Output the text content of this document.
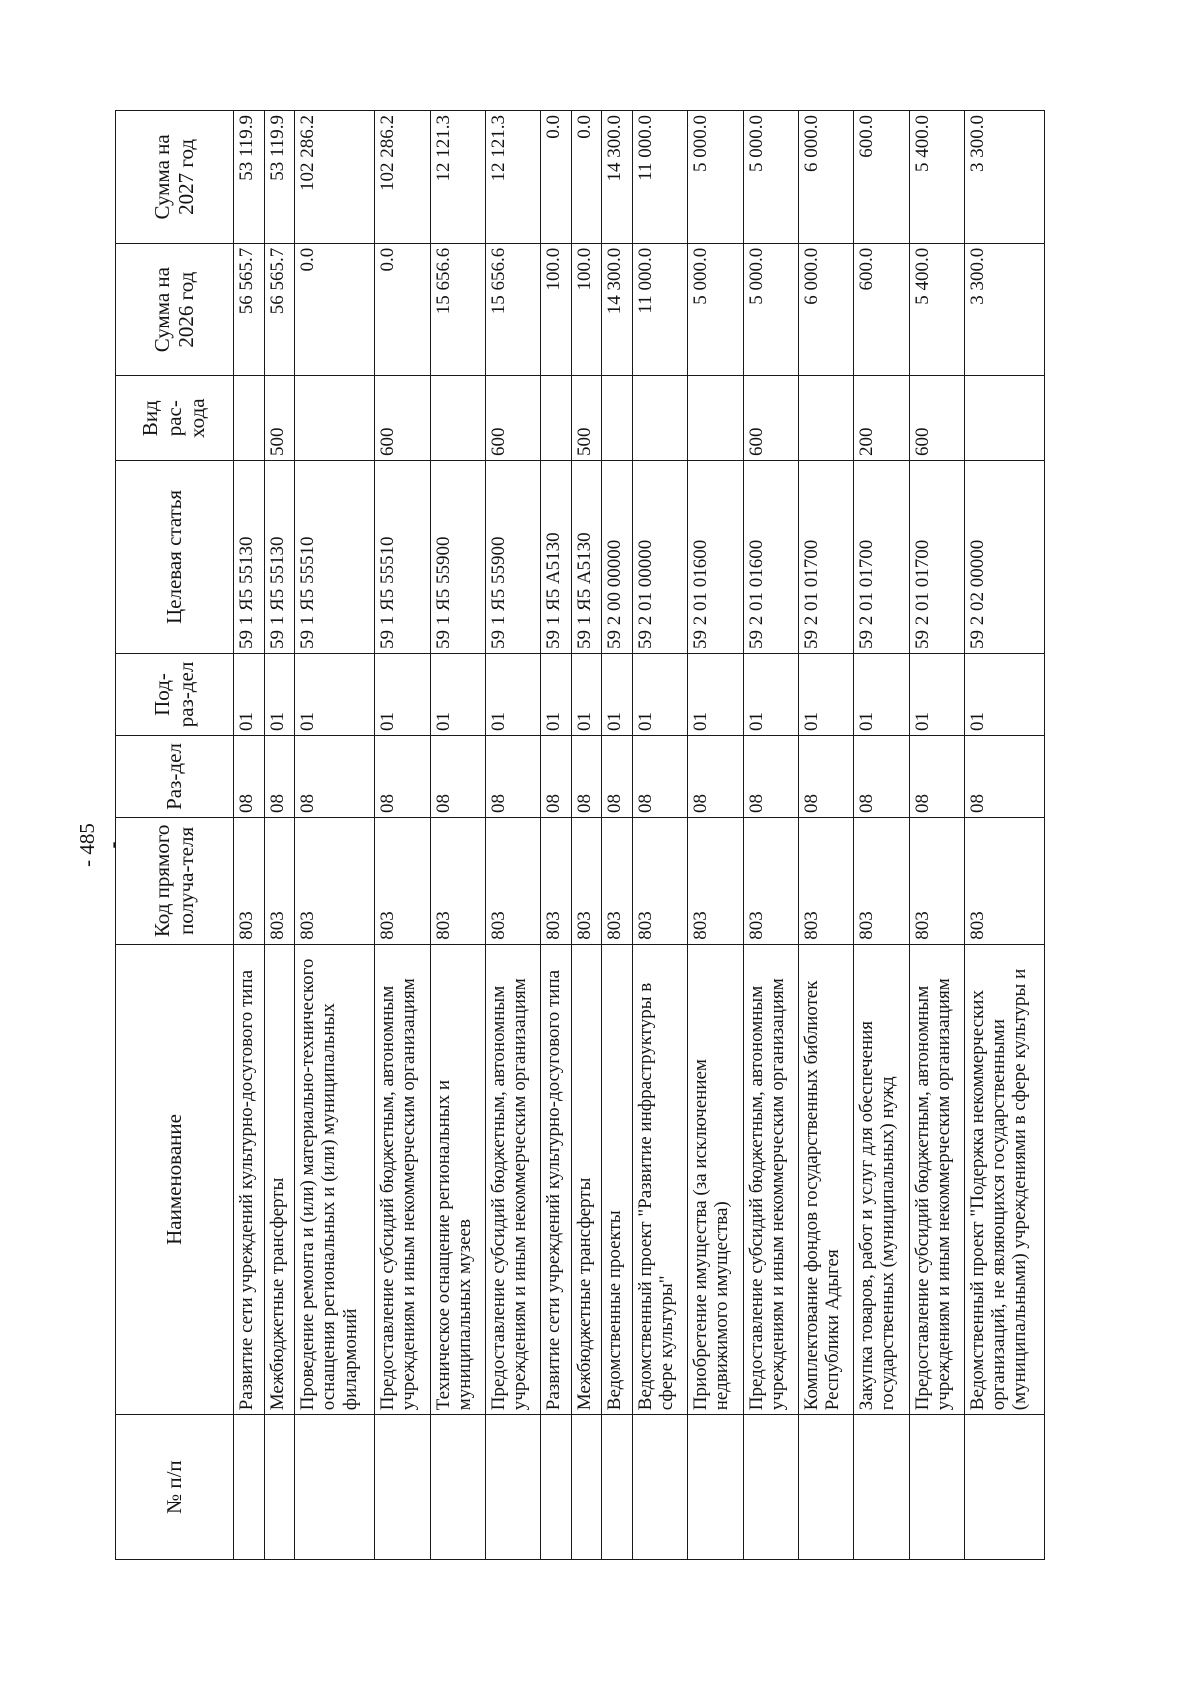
- 485 -
№ п/п	Наименование	Код прямого получа-теля	Раз-дел	Под-раз-дел	Целевая статья	Вид рас-хода	Сумма на 2026 год	Сумма на 2027 год
	Развитие сети учреждений культурно-досугового типа	803	08	01	59 1 Я5 55130		56 565.7	53 119.9
	Межбюджетные трансферты	803	08	01	59 1 Я5 55130	500	56 565.7	53 119.9
	Проведение ремонта и (или) материально-технического оснащения региональных и (или) муниципальных филармоний	803	08	01	59 1 Я5 55510		0.0	102 286.2
	Предоставление субсидий бюджетным, автономным учреждениям и иным некоммерческим организациям	803	08	01	59 1 Я5 55510	600	0.0	102 286.2
	Техническое оснащение региональных и муниципальных музеев	803	08	01	59 1 Я5 55900		15 656.6	12 121.3
	Предоставление субсидий бюджетным, автономным учреждениям и иным некоммерческим организациям	803	08	01	59 1 Я5 55900	600	15 656.6	12 121.3
	Развитие сети учреждений культурно-досугового типа	803	08	01	59 1 Я5 А5130		100.0	0.0
	Межбюджетные трансферты	803	08	01	59 1 Я5 А5130	500	100.0	0.0
	Ведомственные проекты	803	08	01	59 2 00 00000		14 300.0	14 300.0
	Ведомственный проект "Развитие инфраструктуры в сфере культуры"	803	08	01	59 2 01 00000		11 000.0	11 000.0
	Приобретение имущества (за исключением недвижимого имущества)	803	08	01	59 2 01 01600		5 000.0	5 000.0
	Предоставление субсидий бюджетным, автономным учреждениям и иным некоммерческим организациям	803	08	01	59 2 01 01600	600	5 000.0	5 000.0
	Комплектование фондов государственных библиотек Республики Адыгея	803	08	01	59 2 01 01700		6 000.0	6 000.0
	Закупка товаров, работ и услуг для обеспечения государственных (муниципальных) нужд	803	08	01	59 2 01 01700	200	600.0	600.0
	Предоставление субсидий бюджетным, автономным учреждениям и иным некоммерческим организациям	803	08	01	59 2 01 01700	600	5 400.0	5 400.0
	Ведомственный проект "Подержка некоммерческих организаций, не являющихся государственными (муниципальными) учреждениями в сфере культуры и	803	08	01	59 2 02 00000		3 300.0	3 300.0
